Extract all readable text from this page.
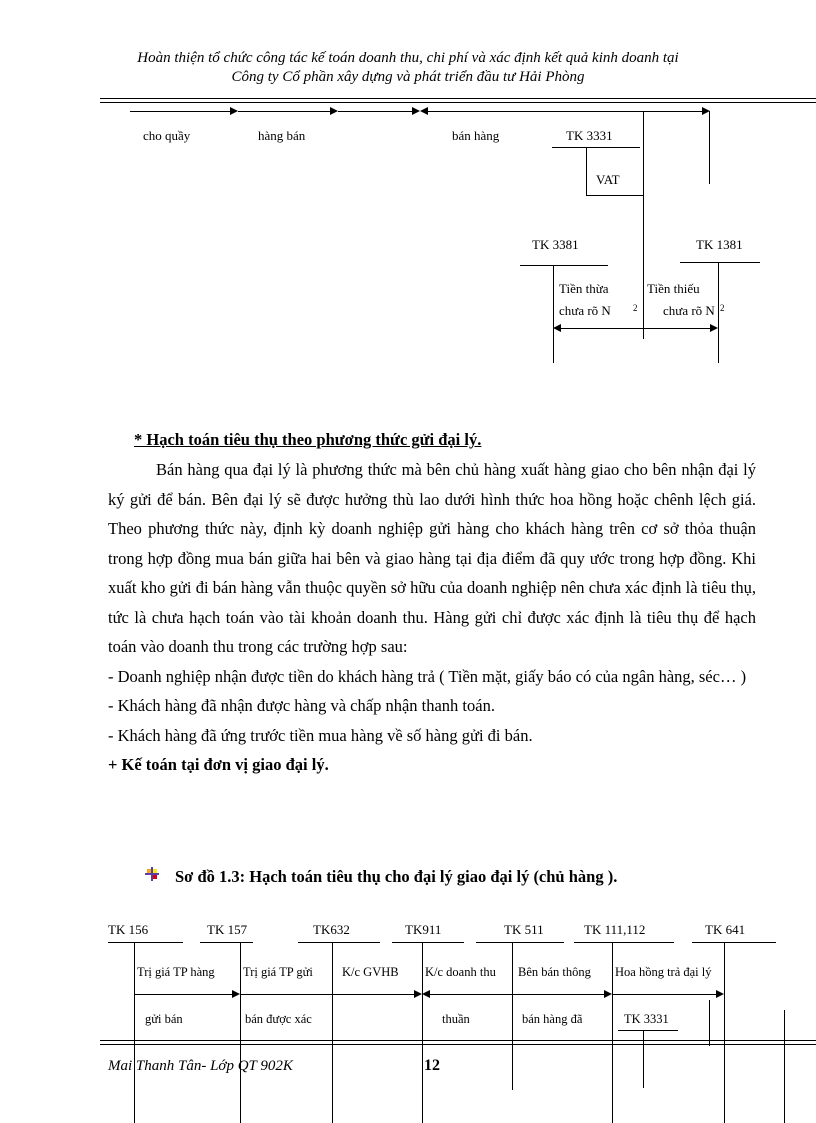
Hoàn thiện tổ chức công tác kế toán doanh thu, chi phí và xác định kết quả kinh doanh tại
Công ty Cổ phần xây dựng và phát triển đầu tư Hải Phòng
cho quầy	hàng bán	bán hàng	TK 3331
VAT
TK 3381	TK 1381
Tiền thừa
chưa rõ N 2
Tiền thiếu
chưa rõ N 2
* Hạch toán tiêu thụ theo phương thức gửi đại lý.

Bán hàng qua đại lý là phương thức mà bên chủ hàng xuất hàng giao cho bên nhận đại lý ký gửi để bán. Bên đại lý sẽ được hưởng thù lao dưới hình thức hoa hồng hoặc chênh lệch giá. Theo phương thức này, định kỳ doanh nghiệp gửi hàng cho khách hàng trên cơ sở thỏa thuận trong hợp đồng mua bán giữa hai bên và giao hàng tại địa điểm đã quy ước trong hợp đồng. Khi xuất kho gửi đi bán hàng vẫn thuộc quyền sở hữu của doanh nghiệp nên chưa xác định là tiêu thụ, tức là chưa hạch toán vào tài khoản doanh thu. Hàng gửi chỉ được xác định là tiêu thụ để hạch toán vào doanh thu trong các trường hợp sau:

- Doanh nghiệp nhận được tiền do khách hàng trả ( Tiền mặt, giấy báo có của ngân hàng, séc… )

- Khách hàng đã nhận được hàng và chấp nhận thanh toán.

- Khách hàng đã ứng trước tiền mua hàng về số hàng gửi đi bán.

+ Kế toán tại đơn vị giao đại lý.

Sơ đồ 1.3: Hạch toán tiêu thụ cho đại lý giao đại lý (chủ hàng ).
TK 156	TK 157	TK632	TK911	TK 511	TK 111,112	TK 641
Trị giá TP hàng Trị giá TP gửi K/c GVHB K/c doanh thu Bên bán thông Hoa hồng trả đại lý
gửi bán	bán được xác	thuần	bán hàng đã	TK 3331
Mai Thanh Tân- Lớp QT 902K	12
